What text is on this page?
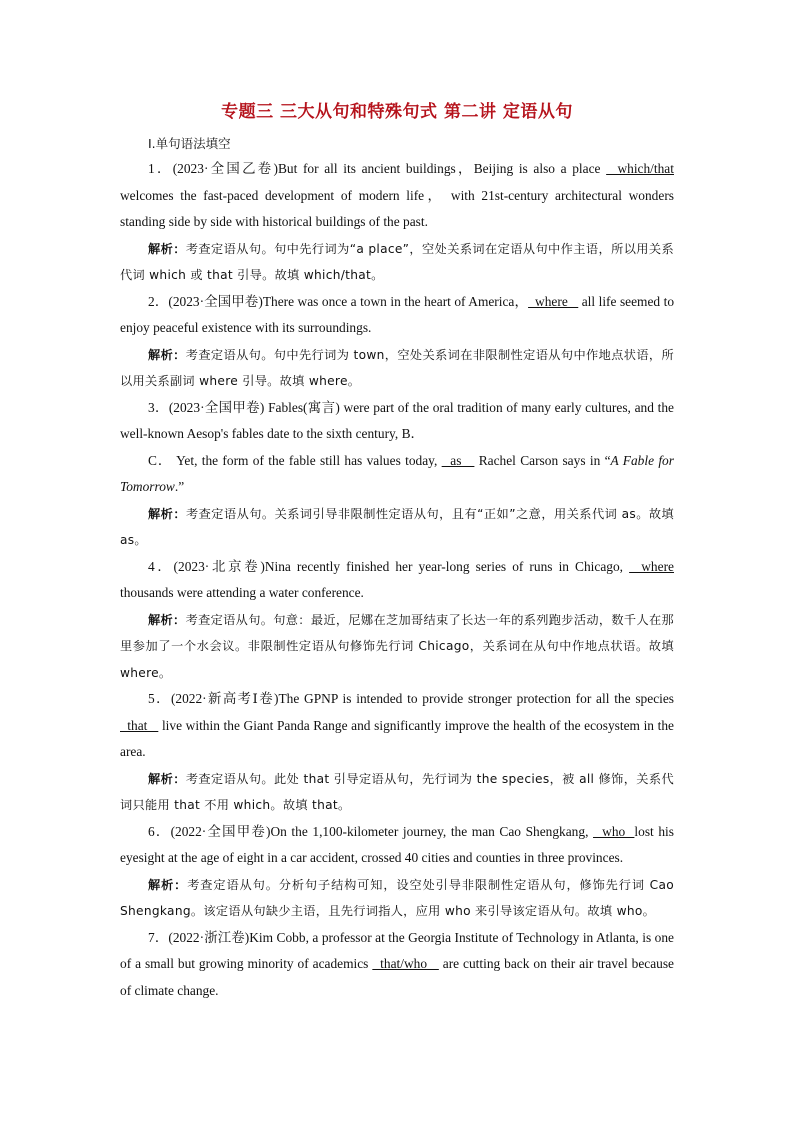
专题三 三大从句和特殊句式 第二讲 定语从句
Ⅰ.单句语法填空

1．(2023·全国乙卷)But for all its ancient buildings，Beijing is also a place   which/that welcomes the fast-paced development of modern life， with 21st-century architectural wonders standing side by side with historical buildings of the past.

解析：考查定语从句。句中先行词为“a place”，空处关系词在定语从句中作主语，所以用关系代词 which 或 that 引导。故填 which/that。

2．(2023·全国甲卷)There was once a town in the heart of America，  where    all life seemed to enjoy peaceful existence with its surroundings.

解析：考查定语从句。句中先行词为 town，空处关系词在非限制性定语从句中作地点状语，所以用关系副词 where 引导。故填 where。

3．(2023·全国甲卷) Fables(寓言) were part of the oral tradition of many early cultures, and the well-known Aesop's fables date to the sixth century, B．

C． Yet, the form of the fable still has values today,   as    Rachel Carson says in “A Fable for Tomorrow.”

解析：考查定语从句。关系词引导非限制性定语从句，且有“正如”之意，用关系代词 as。故填 as。

4．(2023·北京卷)Nina recently finished her year-long series of runs in Chicago,   where thousands were attending a water conference.

解析：考查定语从句。句意：最近，尼娜在芝加哥结束了长达一年的系列跑步活动，数千人在那里参加了一个水会议。非限制性定语从句修饰先行词 Chicago，关系词在从句中作地点状语。故填 where。

5．(2022·新高考Ⅰ卷)The GPNP is intended to provide stronger protection for all the species   that    live within the Giant Panda Range and significantly improve the health of the ecosystem in the area.

解析：考查定语从句。此处 that 引导定语从句，先行词为 the species，被 all 修饰，关系代词只能用 that 不用 which。故填 that。

6．(2022·全国甲卷)On the 1,100-kilometer journey, the man Cao Shengkang,   who  lost his eyesight at the age of eight in a car accident, crossed 40 cities and counties in three provinces.

解析：考查定语从句。分析句子结构可知，设空处引导非限制性定语从句，修饰先行词 Cao Shengkang。该定语从句缺少主语，且先行词指人，应用 who 来引导该定语从句。故填 who。

7．(2022·浙江卷)Kim Cobb, a professor at the Georgia Institute of Technology in Atlanta, is one of a small but growing minority of academics   that/who    are cutting back on their air travel because of climate change.
